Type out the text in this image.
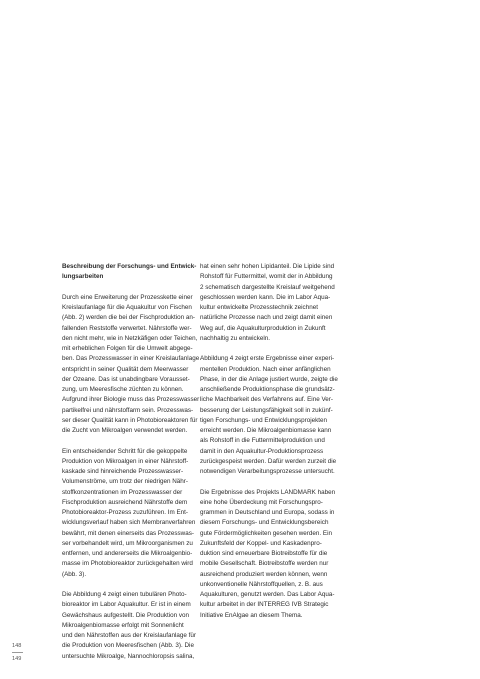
Beschreibung der Forschungs- und Entwick-
lungsarbeiten

Durch eine Erweiterung der Prozesskette einer
Kreislaufanlage für die Aquakultur von Fischen
(Abb. 2) werden die bei der Fischproduktion an-
fallenden Reststoffe verwertet. Nährstoffe wer-
den nicht mehr, wie in Netzkäfigen oder Teichen,
mit erheblichen Folgen für die Umwelt abgege-
ben. Das Prozesswasser in einer Kreislaufanlage
entspricht in seiner Qualität dem Meerwasser
der Ozeane. Das ist unabdingbare Vorausset-
zung, um Meeresfische züchten zu können.
Aufgrund ihrer Biologie muss das Prozesswasser
partikelfrei und nährstoffarm sein. Prozesswas-
ser dieser Qualität kann in Photobioreaktoren für
die Zucht von Mikroalgen verwendet werden.

Ein entscheidender Schritt für die gekoppelte
Produktion von Mikroalgen in einer Nährstoff-
kaskade sind hinreichende Prozesswasser-
Volumenströme, um trotz der niedrigen Nähr-
stoffkonzentrationen im Prozesswasser der
Fischproduktion ausreichend Nährstoffe dem
Photobioreaktor-Prozess zuzuführen. Im Ent-
wicklungsverlauf haben sich Membranverfahren
bewährt, mit denen einerseits das Prozesswas-
ser vorbehandelt wird, um Mikroorganismen zu
entfernen, und andererseits die Mikroalgenbio-
masse im Photobioreaktor zurückgehalten wird
(Abb. 3).

Die Abbildung 4 zeigt einen tubulären Photo-
bioreaktor im Labor Aquakultur. Er ist in einem
Gewächshaus aufgestellt. Die Produktion von
Mikroalgenbiomasse erfolgt mit Sonnenlicht
und den Nährstoffen aus der Kreislaufanlage für
die Produktion von Meeresfischen (Abb. 3). Die
untersuchte Mikroalge, Nannochloropsis salina,

hat einen sehr hohen Lipidanteil. Die Lipide sind
Rohstoff für Futtermittel, womit der in Abbildung
2 schematisch dargestellte Kreislauf weitgehend
geschlossen werden kann. Die im Labor Aqua-
kultur entwickelte Prozesstechnik zeichnet
natürliche Prozesse nach und zeigt damit einen
Weg auf, die Aquakulturproduktion in Zukunft
nachhaltig zu entwickeln.

Abbildung 4 zeigt erste Ergebnisse einer experi-
mentellen Produktion. Nach einer anfänglichen
Phase, in der die Anlage justiert wurde, zeigte die
anschließende Produktionsphase die grundsätz-
liche Machbarkeit des Verfahrens auf. Eine Ver-
besserung der Leistungsfähigkeit soll in zukünf-
tigen Forschungs- und Entwicklungsprojekten
erreicht werden. Die Mikroalgenbiomasse kann
als Rohstoff in die Futtermittelproduktion und
damit in den Aquakultur-Produktionsprozess
zurückgespeist werden. Dafür werden zurzeit die
notwendigen Verarbeitungsprozesse untersucht.

Die Ergebnisse des Projekts LANDMARK haben
eine hohe Überdeckung mit Forschungspro-
grammen in Deutschland und Europa, sodass in
diesem Forschungs- und Entwicklungsbereich
gute Fördermöglichkeiten gesehen werden. Ein
Zukunftsfeld der Koppel- und Kaskadenpro-
duktion sind erneuerbare Biotreibstoffe für die
mobile Gesellschaft. Biotreibstoffe werden nur
ausreichend produziert werden können, wenn
unkonventionelle Nährstoffquellen, z. B. aus
Aquakulturen, genutzt werden. Das Labor Aqua-
kultur arbeitet in der INTERREG IVB Strategic
Initiative EnAlgae an diesem Thema.

148
149
